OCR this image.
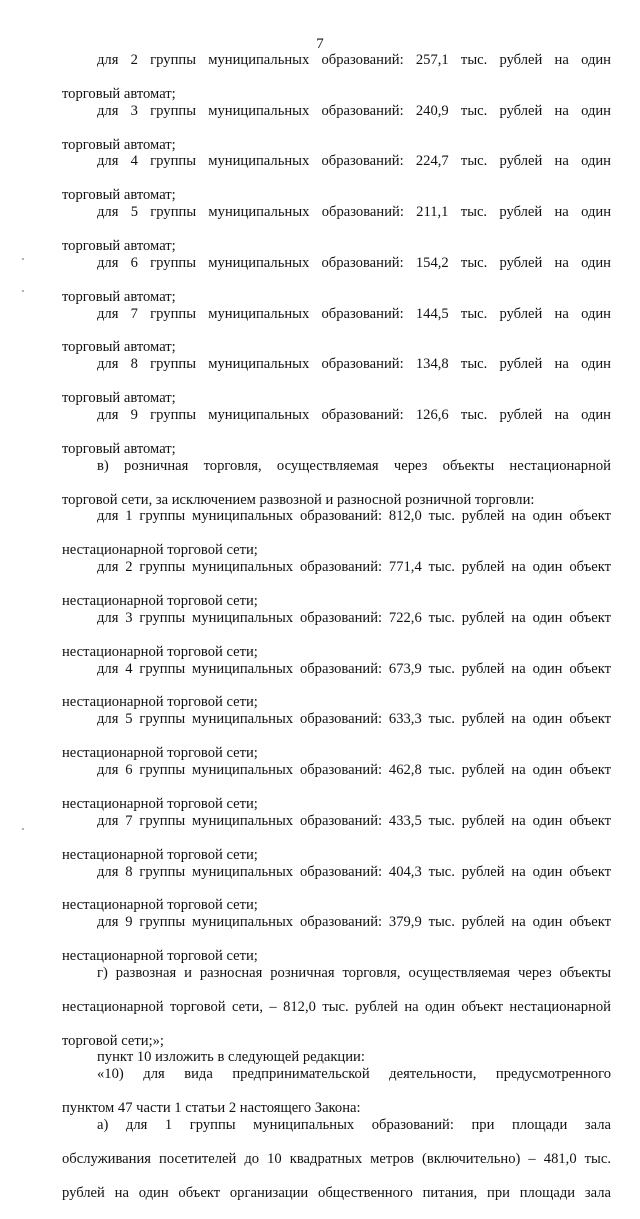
7

для 2 группы муниципальных образований: 257,1 тыс. рублей на один

торговый автомат;

для 3 группы муниципальных образований: 240,9 тыс. рублей на один

торговый автомат;

для 4 группы муниципальных образований: 224,7 тыс. рублей на один

торговый автомат;

для 5 группы муниципальных образований: 211,1 тыс. рублей на один

торговый автомат;

для 6 группы муниципальных образований: 154,2 тыс. рублей на один

торговый автомат;

для 7 группы муниципальных образований: 144,5 тыс. рублей на один

торговый автомат;

для 8 группы муниципальных образований: 134,8 тыс. рублей на один

торговый автомат;

для 9 группы муниципальных образований: 126,6 тыс. рублей на один

торговый автомат;

в) розничная торговля, осуществляемая через объекты нестационарной

торговой сети, за исключением развозной и разносной розничной торговли:

для 1 группы муниципальных образований: 812,0 тыс. рублей на один объект

нестационарной торговой сети;

для 2 группы муниципальных образований: 771,4 тыс. рублей на один объект

нестационарной торговой сети;

для 3 группы муниципальных образований: 722,6 тыс. рублей на один объект

нестационарной торговой сети;

для 4 группы муниципальных образований: 673,9 тыс. рублей на один объект

нестационарной торговой сети;

для 5 группы муниципальных образований: 633,3 тыс. рублей на один объект

нестационарной торговой сети;

для 6 группы муниципальных образований: 462,8 тыс. рублей на один объект

нестационарной торговой сети;

для 7 группы муниципальных образований: 433,5 тыс. рублей на один объект

нестационарной торговой сети;

для 8 группы муниципальных образований: 404,3 тыс. рублей на один объект

нестационарной торговой сети;

для 9 группы муниципальных образований: 379,9 тыс. рублей на один объект

нестационарной торговой сети;

г) развозная и разносная розничная торговля, осуществляемая через объекты

нестационарной торговой сети, – 812,0 тыс. рублей на один объект нестационарной

торговой сети;»;

пункт 10 изложить в следующей редакции:

«10) для вида предпринимательской деятельности, предусмотренного

пунктом 47 части 1 статьи 2 настоящего Закона:

а) для 1 группы муниципальных образований: при площади зала

обслуживания посетителей до 10 квадратных метров (включительно) – 481,0 тыс.

рублей на один объект организации общественного питания, при площади зала
